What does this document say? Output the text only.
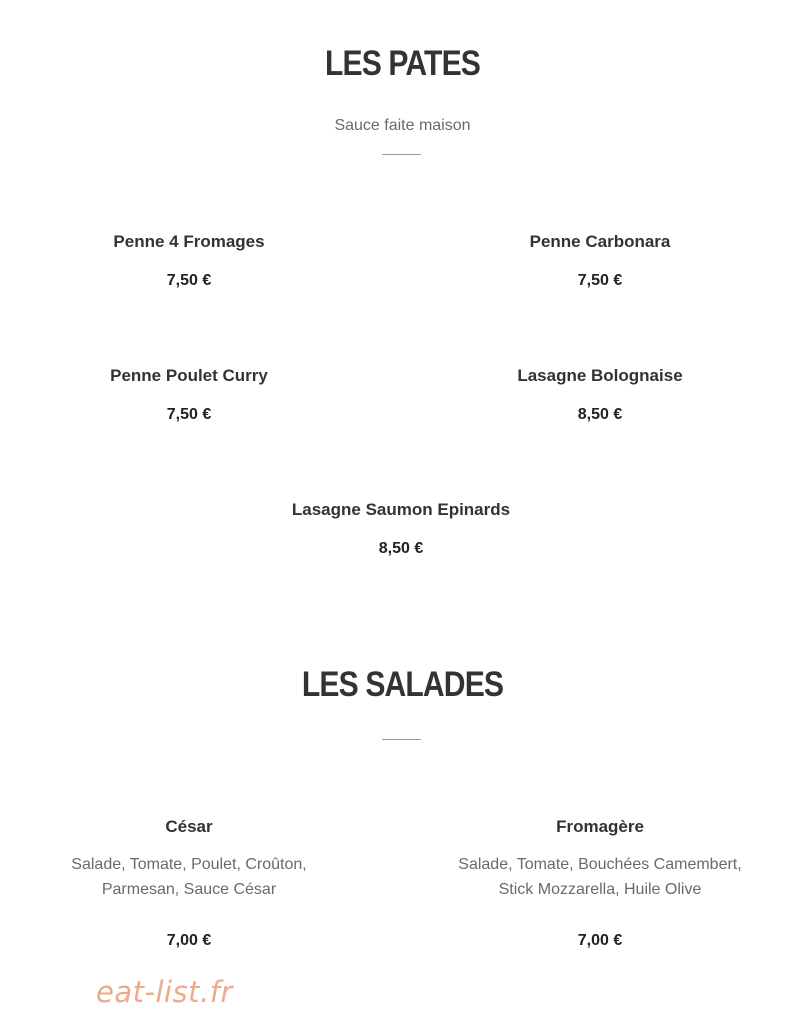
LES PATES
Sauce faite maison
Penne 4 Fromages
7,50 €
Penne Carbonara
7,50 €
Penne Poulet Curry
7,50 €
Lasagne Bolognaise
8,50 €
Lasagne Saumon Epinards
8,50 €
LES SALADES
César
Salade, Tomate, Poulet, Croûton,
Parmesan, Sauce César
7,00 €
Fromagère
Salade, Tomate, Bouchées Camembert,
Stick Mozzarella, Huile Olive
7,00 €
eat-list.fr
